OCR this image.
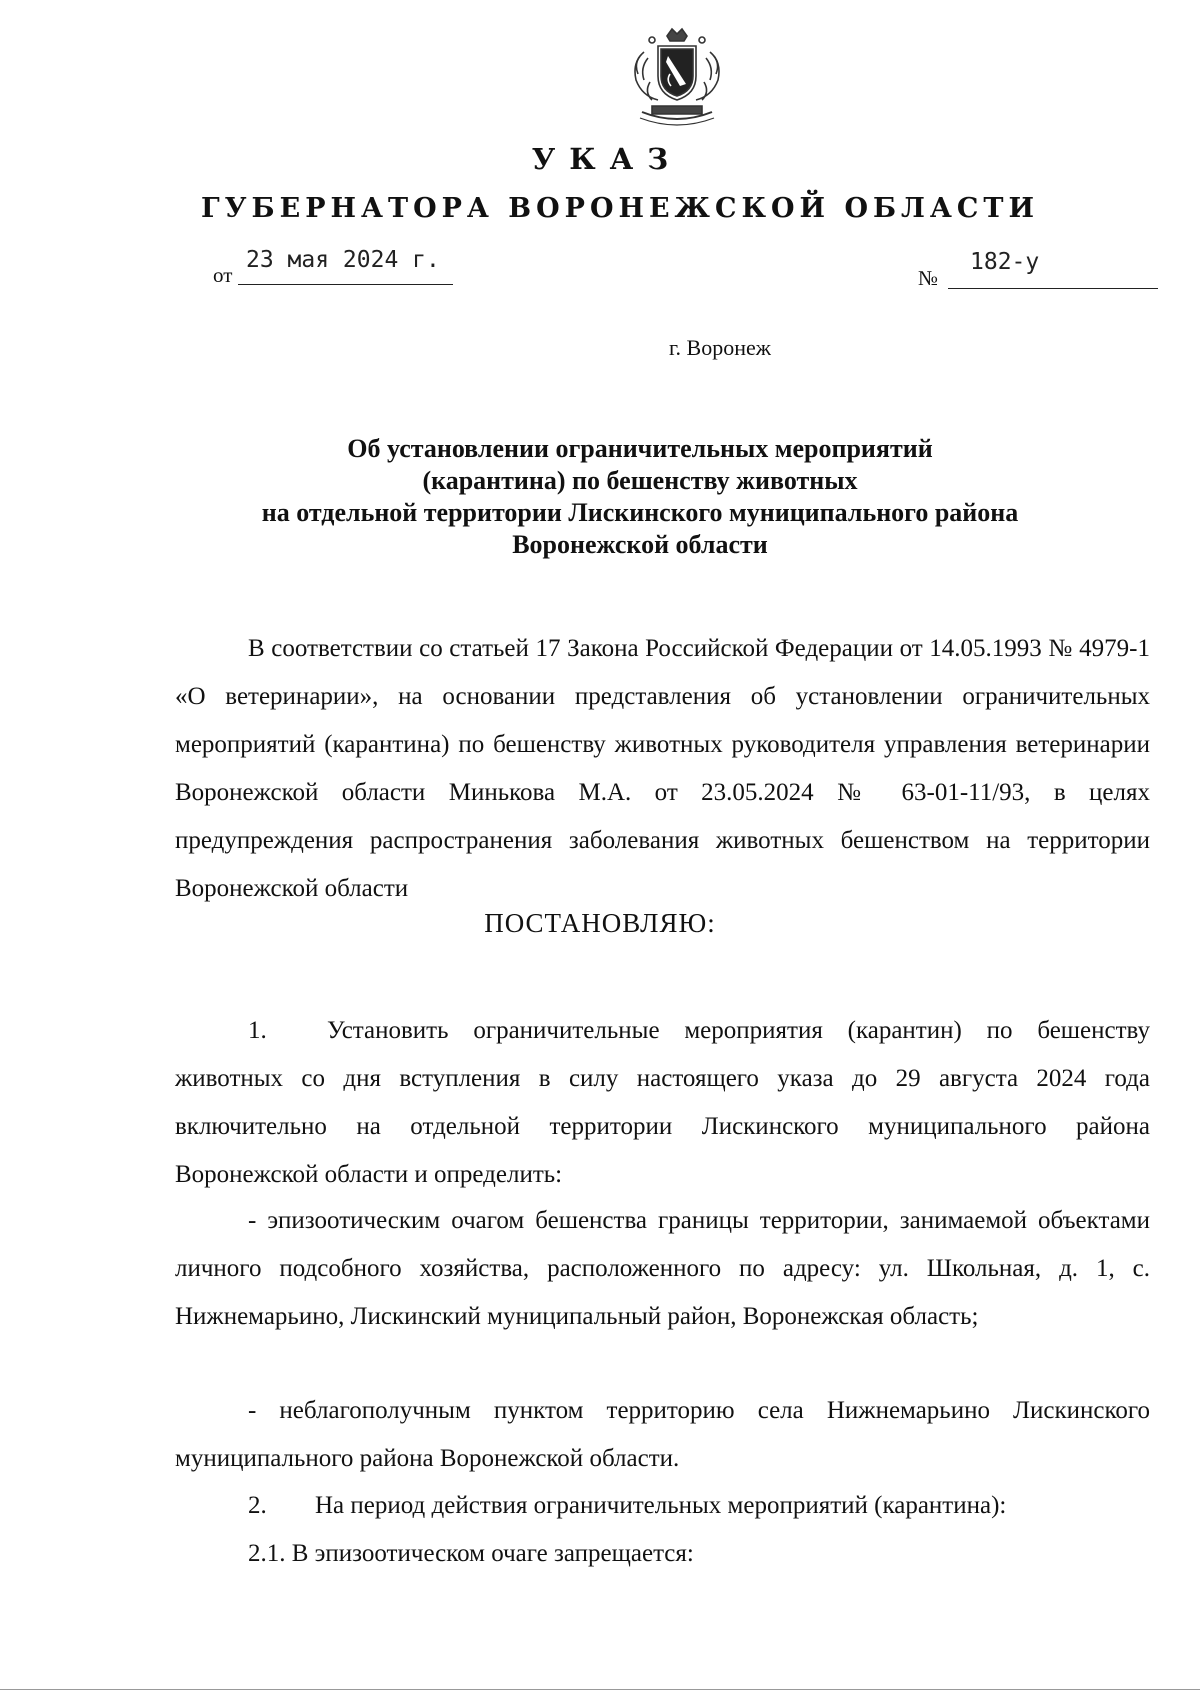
УКАЗ
ГУБЕРНАТОРА ВОРОНЕЖСКОЙ ОБЛАСТИ
от
23 мая 2024 г.
№
182-у
г. Воронеж
Об установлении ограничительных мероприятий
(карантина) по бешенству животных
на отдельной территории Лискинского муниципального района
Воронежской области
В соответствии со статьей 17 Закона Российской Федерации от 14.05.1993 № 4979-1 «О ветеринарии», на основании представления об установлении ограничительных мероприятий (карантина) по бешенству животных руководителя управления ветеринарии Воронежской области Минькова М.А. от 23.05.2024 № 63-01-11/93, в целях предупреждения распространения заболевания животных бешенством на территории Воронежской области
ПОСТАНОВЛЯЮ:
1.	Установить ограничительные мероприятия (карантин) по бешенству животных со дня вступления в силу настоящего указа до 29 августа 2024 года включительно на отдельной территории Лискинского муниципального района Воронежской области и определить:
- эпизоотическим очагом бешенства границы территории, занимаемой объектами личного подсобного хозяйства, расположенного по адресу: ул. Школьная, д. 1, с. Нижнемарьино, Лискинский муниципальный район, Воронежская область;
- неблагополучным пунктом территорию села Нижнемарьино Лискинского муниципального района Воронежской области.
2. На период действия ограничительных мероприятий (карантина):
2.1. В эпизоотическом очаге запрещается:
